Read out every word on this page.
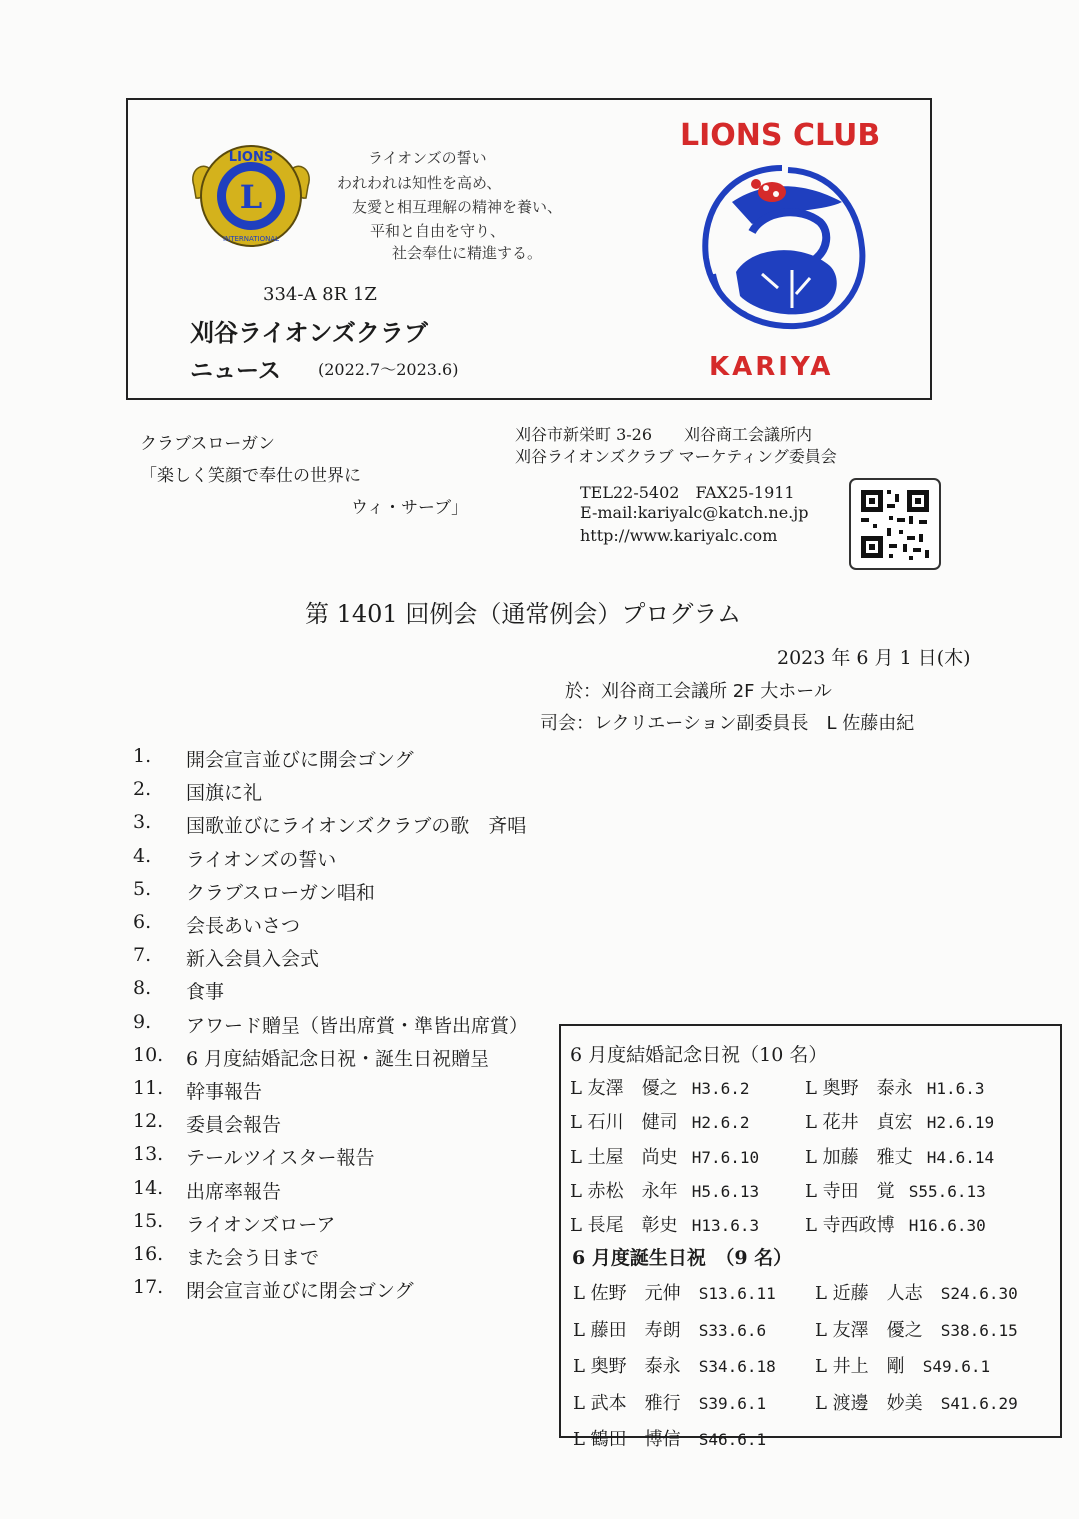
L
LIONS
INTERNATIONAL
ライオンズの誓い
われわれは知性を高め、
友愛と相互理解の精神を養い、
平和と自由を守り、
社会奉仕に精進する。
334-A 8R 1Z
刈谷ライオンズクラブ
ニュース (2022.7〜2023.6)
LIONS CLUB
KARIYA
クラブスローガン
「楽しく笑顔で奉仕の世界に
ウィ・サーブ」
刈谷市新栄町 3-26　　刈谷商工会議所内
刈谷ライオンズクラブ マーケティング委員会
TEL22-5402　FAX25-1911
E-mail:kariyalc@katch.ne.jp
http://www.kariyalc.com
第 1401 回例会（通常例会）プログラム
2023 年 6 月 1 日(木)
於：刈谷商工会議所 2F 大ホール
司会：レクリエーション副委員長　L 佐藤由紀
1. 開会宣言並びに開会ゴング
2. 国旗に礼
3. 国歌並びにライオンズクラブの歌　斉唱
4. ライオンズの誓い
5. クラブスローガン唱和
6. 会長あいさつ
7. 新入会員入会式
8. 食事
9. アワード贈呈（皆出席賞・準皆出席賞）
10. 6 月度結婚記念日祝・誕生日祝贈呈
11. 幹事報告
12. 委員会報告
13. テールツイスター報告
14. 出席率報告
15. ライオンズローア
16. また会う日まで
17. 閉会宣言並びに閉会ゴング
6 月度結婚記念日祝（10 名）
L 友澤　優之 H3.6.2	L 奥野　泰永 H1.6.3
L 石川　健司 H2.6.2	L 花井　貞宏 H2.6.19
L 土屋　尚史 H7.6.10	L 加藤　雅丈 H4.6.14
L 赤松　永年 H5.6.13	L 寺田　覚 S55.6.13
L 長尾　彰史 H13.6.3	L 寺西政博 H16.6.30
6 月度誕生日祝　（9 名）
L 佐野　元伸 S13.6.11 L 近藤　人志 S24.6.30
L 藤田　寿朗 S33.6.6	L 友澤　優之 S38.6.15
L 奥野　泰永 S34.6.18 L 井上　剛 S49.6.1
L 武本　雅行 S39.6.1	L 渡邊　妙美 S41.6.29
L 鶴田　博信 S46.6.1
